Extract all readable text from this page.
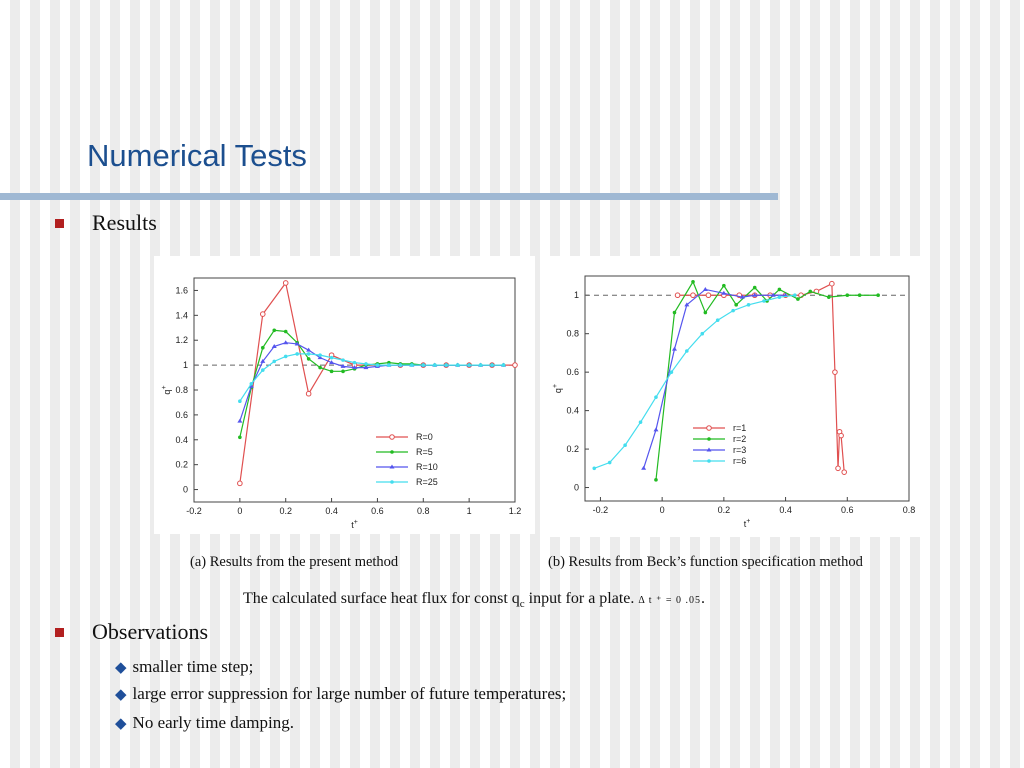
Numerical Tests
Results
-0.2	0	0.2	0.4	0.6	0.8	1	1.2
0
0.2
0.4
0.6
0.8
1
1.2
1.4
1.6
t+
q+
R=0
R=5
R=10
R=25
-0.2	0	0.2	0.4	0.6	0.8
0
0.2
0.4
0.6
0.8
1
t+
q+
r=1
r=2
r=3
r=6
(a) Results from the present method	(b) Results from Beck’s function specification method
The calculated surface heat flux for const $q_c$ input for a plate. Δ t ⁺ = 0 .05.
Observations
◆ smaller time step;
◆ large error suppression for large number of future temperatures;
◆ No early time damping.
